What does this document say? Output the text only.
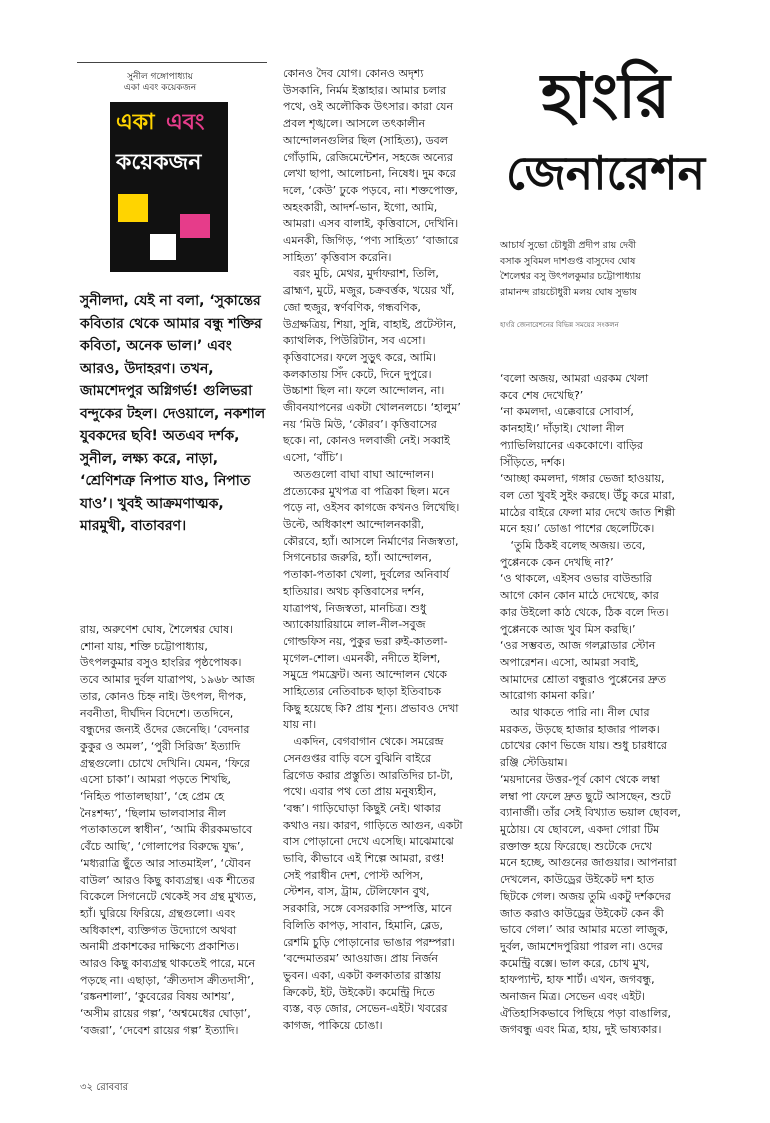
সুনীল গঙ্গোপাধ্যায়
একা এবং কয়েকজন
একা এবং
কয়েকজন
সুনীলদা, যেই না বলা, ‘সুকান্তের কবিতার থেকে আমার বন্ধু শক্তির কবিতা, অনেক ভাল।’ এবং আরও, উদাহরণ। তখন, জামশেদপুর অগ্নিগর্ভ! গুলিভরা বন্দুকের টহল। দেওয়ালে, নকশাল যুবকদের ছবি! অতএব দর্শক, সুনীল, লক্ষ্য করে, নাড়া, ‘শ্রেণিশত্রু নিপাত যাও, নিপাত যাও’। খুবই আক্রমণাত্মক, মারমুখী, বাতাবরণ।
রায়, অরুণেশ ঘোষ, শৈলেশ্বর ঘোষ।
শোনা যায়, শক্তি চট্টোপাধ্যায়,
উৎপলকুমার বসুও হাংরির পৃষ্ঠপোষক।
তবে আমার দুর্বল যাত্রাপথ, ১৯৬৮ আজ
তার, কোনও চিহ্ন নাই। উৎপল, দীপক,
নবনীতা, দীর্ঘদিন বিদেশে। ততদিনে,
বন্ধুদের জন্যই ওঁদের জেনেছি। ‘বেদনার
কুকুর ও অমল’, ‘পুরী সিরিজ’ ইত্যাদি
গ্রন্থগুলো। চোখে দেখিনি। যেমন, ‘ফিরে
এসো চাকা’। আমরা পড়তে শিখছি,
‘নিহিত পাতালছায়া’, ‘হে প্রেম হে
নৈঃশব্দ্য’, ‘ছিলাম ভালবাসার নীল
পতাকাতলে স্বাধীন’, ‘আমি কীরকমভাবে
বেঁচে আছি’, ‘গোলাপের বিরুদ্ধে যুদ্ধ’,
‘মধ্যরাত্রি ছুঁতে আর সাতমাইল’, ‘যৌবন
বাউল’ আরও কিছু কাব্যগ্রন্থ। এক শীতের
বিকেলে সিগনেটে থেকেই সব গ্রন্থ মুখ্যত,
হ্যাঁ। ঘুরিয়ে ফিরিয়ে, গ্রন্থগুলো। এবং
অধিকাংশ, ব্যক্তিগত উদ্যোগে অথবা
অনামী প্রকাশকের দাক্ষিণ্যে প্রকাশিত।
আরও কিছু কাব্যগ্রন্থ থাকতেই পারে, মনে
পড়ছে না। এছাড়া, ‘ক্রীতদাস ক্রীতদাসী’,
‘রঙ্কনশালা’, ‘কুবেরের বিষয় আশয়’,
‘অসীম রায়ের গল্প’, ‘অশ্বমেধের ঘোড়া’,
‘বজরা’, ‘দেবেশ রায়ের গল্প’ ইত্যাদি।
কোনও দৈব যোগ। কোনও অদৃশ্য
উসকানি, নির্মম ইস্তাহার। আমার চলার
পথে, ওই অলৌকিক উৎসার। কারা যেন
প্রবল শৃঙ্খলে। আসলে তৎকালীন
আন্দোলনগুলির ছিল (সাহিত্য), ডবল
গোঁড়ামি, রেজিমেন্টেশন, সহজে অন্যের
লেখা ছাপা, আলোচনা, নিষেধ। দুম করে
দলে, ‘কেউ’ ঢুকে পড়বে, না। শক্তপোক্ত,
অহংকারী, আদর্শ-ভান, ইগো, আমি,
আমরা। এসব বালাই, কৃত্তিবাসে, দেখিনি।
এমনকী, জিগিড়, ‘পণ্য সাহিত্য’ ‘বাজারে
সাহিত্য’ কৃত্তিবাস করেনি।
বরং মুচি, মেথর, মুর্দাফরাশ, তিলি,
ব্রাহ্মণ, মুটে, মজুর, চক্রবর্ত্তক, খয়ের খাঁ,
জো হুজুর, স্বর্ণবণিক, গন্ধবণিক,
উগ্রক্ষত্রিয়, শিয়া, সুন্নি, বাহাই, প্রটেস্টান,
ক্যাথলিক, পিউরিটান, সব এসো।
কৃত্তিবাসের। ফলে সুড়ুৎ করে, আমি।
কলকাতায় সিঁদ কেটে, দিনে দুপুরে।
উচ্চাশা ছিল না। ফলে আন্দোলন, না।
জীবনযাপনের একটা খোলনলচে। ‘হালুম’
নয় ‘মিউ মিউ, ‘কৌরব’। কৃত্তিবাসের
ছকে। না, কোনও দলবাজী নেই। সব্বাই
এসো, ‘বাঁচি’।
অতগুলো বাঘা বাঘা আন্দোলন।
প্রত্যেকের মুখপত্র বা পত্রিকা ছিল। মনে
পড়ে না, ওইসব কাগজে কখনও লিখেছি।
উল্টে, অধিকাংশ আন্দোলনকারী,
কৌরবে, হ্যাঁ। আসলে নির্মাণের নিজস্বতা,
সিগনেচার জরুরি, হ্যাঁ। আন্দোলন,
পতাকা-পতাকা খেলা, দুর্বলের অনিবার্য
হাতিয়ার। অথচ কৃত্তিবাসের দর্শন,
যাত্রাপথ, নিজস্বতা, মানচিত্র। শুধু
অ্যাকোয়ারিয়ামে লাল-নীল-সবুজ
গোল্ডফিস নয়, পুকুর ভরা রুই-কাতলা-
মৃগেল-শোল। এমনকী, নদীতে ইলিশ,
সমুদ্রে পমফ্রেট। অন্য আন্দোলন থেকে
সাহিত্যের নেতিবাচক ছাড়া ইতিবাচক
কিছু হয়েছে কি? প্রায় শূন্য। প্রভাবও দেখা
যায় না।
একদিন, বেগবাগান থেকে। সমরেন্দ্র
সেনগুপ্তর বাড়ি বসে বুঝিনি বাইরে
ব্রিগেড করার প্রস্তুতি। আরতিদির চা-টা,
পথে। এবার পথ তো প্রায় মনুষ্যহীন,
‘বন্ধ’। গাড়িঘোড়া কিছুই নেই। থাকার
কথাও নয়। কারণ, গাড়িতে আগুন, একটা
বাস পোড়ানো দেখে এসেছি। মাঝেমাঝে
ভাবি, কীভাবে এই শিল্পে আমরা, রপ্ত!
সেই পরাধীন দেশ, পোস্ট অপিস,
স্টেশন, বাস, ট্রাম, টেলিফোন বুথ,
সরকারি, সঙ্গে বেসরকারি সম্পত্তি, মানে
বিলিতি কাপড়, সাবান, হিমানি, ব্লেড,
রেশমি চুড়ি পোড়ানোর ভাঙার পরম্পরা।
‘বন্দেমাতরম’ আওয়াজ। প্রায় নির্জন
ভুবন। একা, একটা কলকাতার রাস্তায়
ক্রিকেট, ইট, উইকেট। কমেন্ট্রি দিতে
ব্যস্ত, বড় জোর, সেভেন-এইট। খবরের
কাগজ, পাকিয়ে চোঙা।
হাংরি
জেনারেশন
আচার্য সুভো চৌধুরী প্রদীপ রায় দেবী
বসাক সুবিমল দাশগুপ্ত বাসুদেব ঘোষ
শৈলেশ্বর বসু উৎপলকুমার চট্টোপাধ্যায়
রামানন্দ রায়চৌধুরী মলয় ঘোষ সুভাষ
হাংরি জেনারেশনের বিভিন্ন সময়ের সংকলন
‘বলো অজয়, আমরা এরকম খেলা
কবে শেষ দেখেছি?’
‘না কমলদা, এক্কেবারে সোবার্স,
কানহাই।’ দাঁড়াই। খোলা নীল
প্যাভিলিয়ানের এককোণে। বাড়ির
সিঁড়িতে, দর্শক।
‘আচ্ছা কমলদা, গঙ্গার ভেজা হাওয়ায়,
বল তো খুবই সুইং করছে। উঁচু করে মারা,
মাঠের বাইরে ফেলা মার দেখে জাত শিল্পী
মনে হয়।’ ডোঙা পাশের ছেলেটিকে।
‘তুমি ঠিকই বলেছ অজয়। তবে,
পুপ্পেনকে কেন দেখছি না?’
‘ও থাকলে, এইসব ওভার বাউন্ডারি
আগে কোন কোন মাঠে দেখেছে, কার
কার উইলো কাঠ থেকে, ঠিক বলে দিত।
পুপ্পেনকে আজ খুব মিস করছি।’
‘ওর সম্ভবত, আজ গলব্লাডার স্টোন
অপারেশন। এসো, আমরা সবাই,
আমাদের শ্রোতা বন্ধুরাও পুপ্পেনের দ্রুত
আরোগ্য কামনা করি।’
আর থাকতে পারি না। নীল ঘোর
মরকত, উড়ছে হাজার হাজার পালক।
চোখের কোণ ভিজে যায়। শুধু চারধারে
রঞ্জি স্টেডিয়াম।
‘ময়দানের উত্তর-পূর্ব কোণ থেকে লম্বা
লম্বা পা ফেলে দ্রুত ছুটে আসছেন, শুটে
ব্যানার্জী। তাঁর সেই বিখ্যাত ভয়াল ছোবল,
মুঠোয়। যে ছোবলে, একদা গোরা টিম
রক্তাক্ত হয়ে ফিরেছে। শুটেকে দেখে
মনে হচ্ছে, আগুনের জাগুয়ার। আপনারা
দেখলেন, কাউড্রের উইকেট দশ হাত
ছিটকে গেল। অজয় তুমি একটু দর্শকদের
জাত করাও কাউড্রের উইকেট কেন কী
ভাবে গেল।’ আর আমার মতো লাজুক,
দুর্বল, জামশেদপুরিয়া পারল না। ওদের
কমেন্ট্রি বক্সে। ভাল করে, চোখ মুখ,
হাফপ্যান্ট, হাফ শার্ট। এখন, জগবন্ধু,
অনাজন মিত্র। সেভেন এবং এইট।
ঐতিহাসিকভাবে পিছিয়ে পড়া বাঙালির,
জগবন্ধু এবং মিত্র, হায়, দুই ভাষ্যকার।
৩২ রোববার
